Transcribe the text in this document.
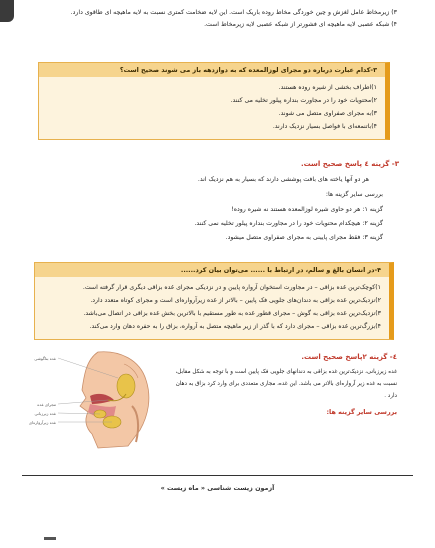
۳) زیرمخاط عامل لغزش و چین خوردگی مخاط روده باریک است. این لایه ضخامت کمتری نسبت به لایه ماهیچه ای طاقوی دارد.
۴) شبکه عصبی لایه ماهیچه ای فشورتر از شبکه عصبی لایه زیرمخاط است.
۳-کدام عبارت درباره دو مجرای لوزالمعده که به دوازدهه باز می شوند صحیح است؟
۱)اطراف بخشی از شیره روده هستند.
۲)محتویات خود را در مجاورت بنداره پیلور تخلیه می کنند.
۳)به مجرای صفراوی متصل می شوند.
۴)باتنمعه‌ای با فواصل بسیار نزدیک دارند.
۳- گزینه ٤ پاسخ صحیح است.
هر دو آنها یاخته های بافت پوششی دارند که بسیار به هم نزدیک اند.
بررسی سایر گزینه ها:
گزینه ۱: هر دو حاوی شیره لوزالمعده هستند نه شیره روده!
گزینه ۲: هیچکدام محتویات خود را در مجاورت بنداره پیلور تخلیه نمی کنند.
گزینه ۳: فقط مجرای پایینی به مجرای صفراوی متصل میشود.
۴-در انسان بالغ و سالم، در ارتباط با ...... می‌توان بیان کرد......
۱)کوچک‌ترین غده بزاقی – در مجاورت استخوان آرواره پایین و در نزدیکی مجرای غده بزاقی دیگری قرار گرفته است.
۲)نزدیک‌ترین غده بزاقی به دندان‌های جلویی فک پایین – بالاتر از غده زیرآرواره‌ای است و مجرای کوتاه متعدد دارد.
۳)نزدیک‌ترین غده بزاقی به گوش – مجرای قطور غده به طور مستقیم با بالاترین بخش غده بزاقی در اتصال می‌باشد.
۴)بزرگ‌ترین غده بزاقی – مجرای دارد که با گذر از زیر ماهیچه متصل به آرواره، بزاق را به حفره دهان وارد می‌کند.
غده بناگوشی
مجرای غده
غده زیرزبانی
غده زیرآرواره‌ای
٤- گزینه ۲پاسخ صحیح است.
غده زیرزبانی، نزدیک‌ترین غده بزاقی به دندانهای جلویی فک پایین است و با توجه به شکل مقابل،
نسبت به غده زیر آرواره‌ای بالاتر می باشد. این غده، مجاری متعددی برای وارد کرد بزاق به دهان
دارد .
بررسی سایر گزینه ها:
آزمون زیست شناسی « ماه زیست »
